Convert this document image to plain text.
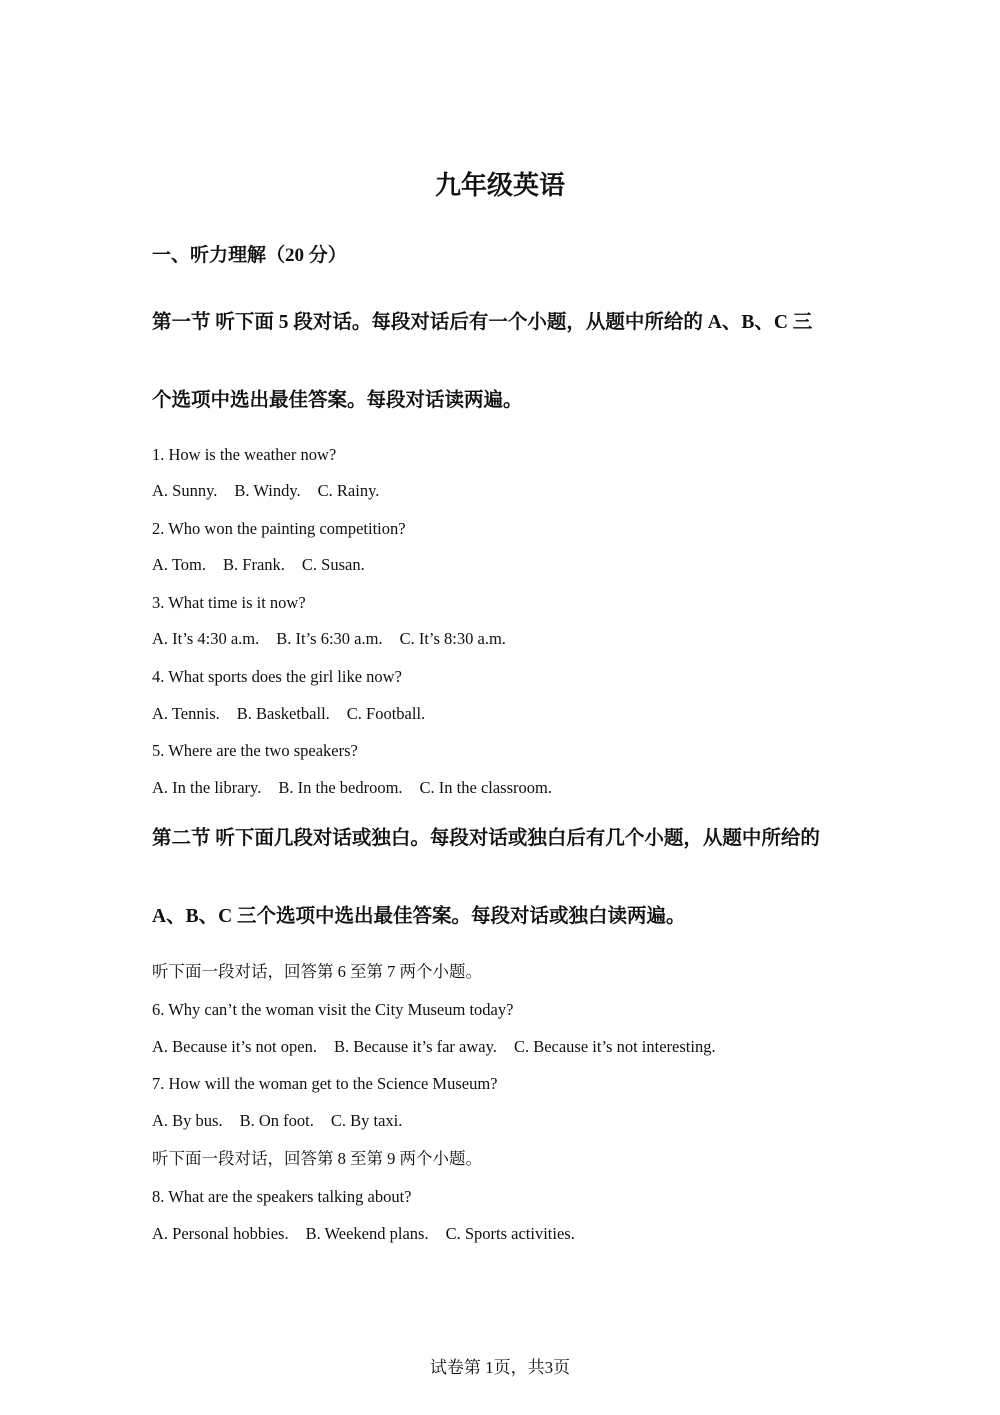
九年级英语
一、听力理解（20 分）
第一节 听下面 5 段对话。每段对话后有一个小题，从题中所给的 A、B、C 三
个选项中选出最佳答案。每段对话读两遍。
1. How is the weather now?
A. Sunny. B. Windy. C. Rainy.
2. Who won the painting competition?
A. Tom. B. Frank. C. Susan.
3. What time is it now?
A. It’s 4:30 a.m. B. It’s 6:30 a.m. C. It’s 8:30 a.m.
4. What sports does the girl like now?
A. Tennis. B. Basketball. C. Football.
5. Where are the two speakers?
A. In the library. B. In the bedroom. C. In the classroom.
第二节 听下面几段对话或独白。每段对话或独白后有几个小题，从题中所给的
A、B、C 三个选项中选出最佳答案。每段对话或独白读两遍。
听下面一段对话，回答第 6 至第 7 两个小题。
6. Why can’t the woman visit the City Museum today?
A. Because it’s not open. B. Because it’s far away. C. Because it’s not interesting.
7. How will the woman get to the Science Museum?
A. By bus. B. On foot. C. By taxi.
听下面一段对话，回答第 8 至第 9 两个小题。
8. What are the speakers talking about?
A. Personal hobbies. B. Weekend plans. C. Sports activities.
试卷第 1页，共3页
